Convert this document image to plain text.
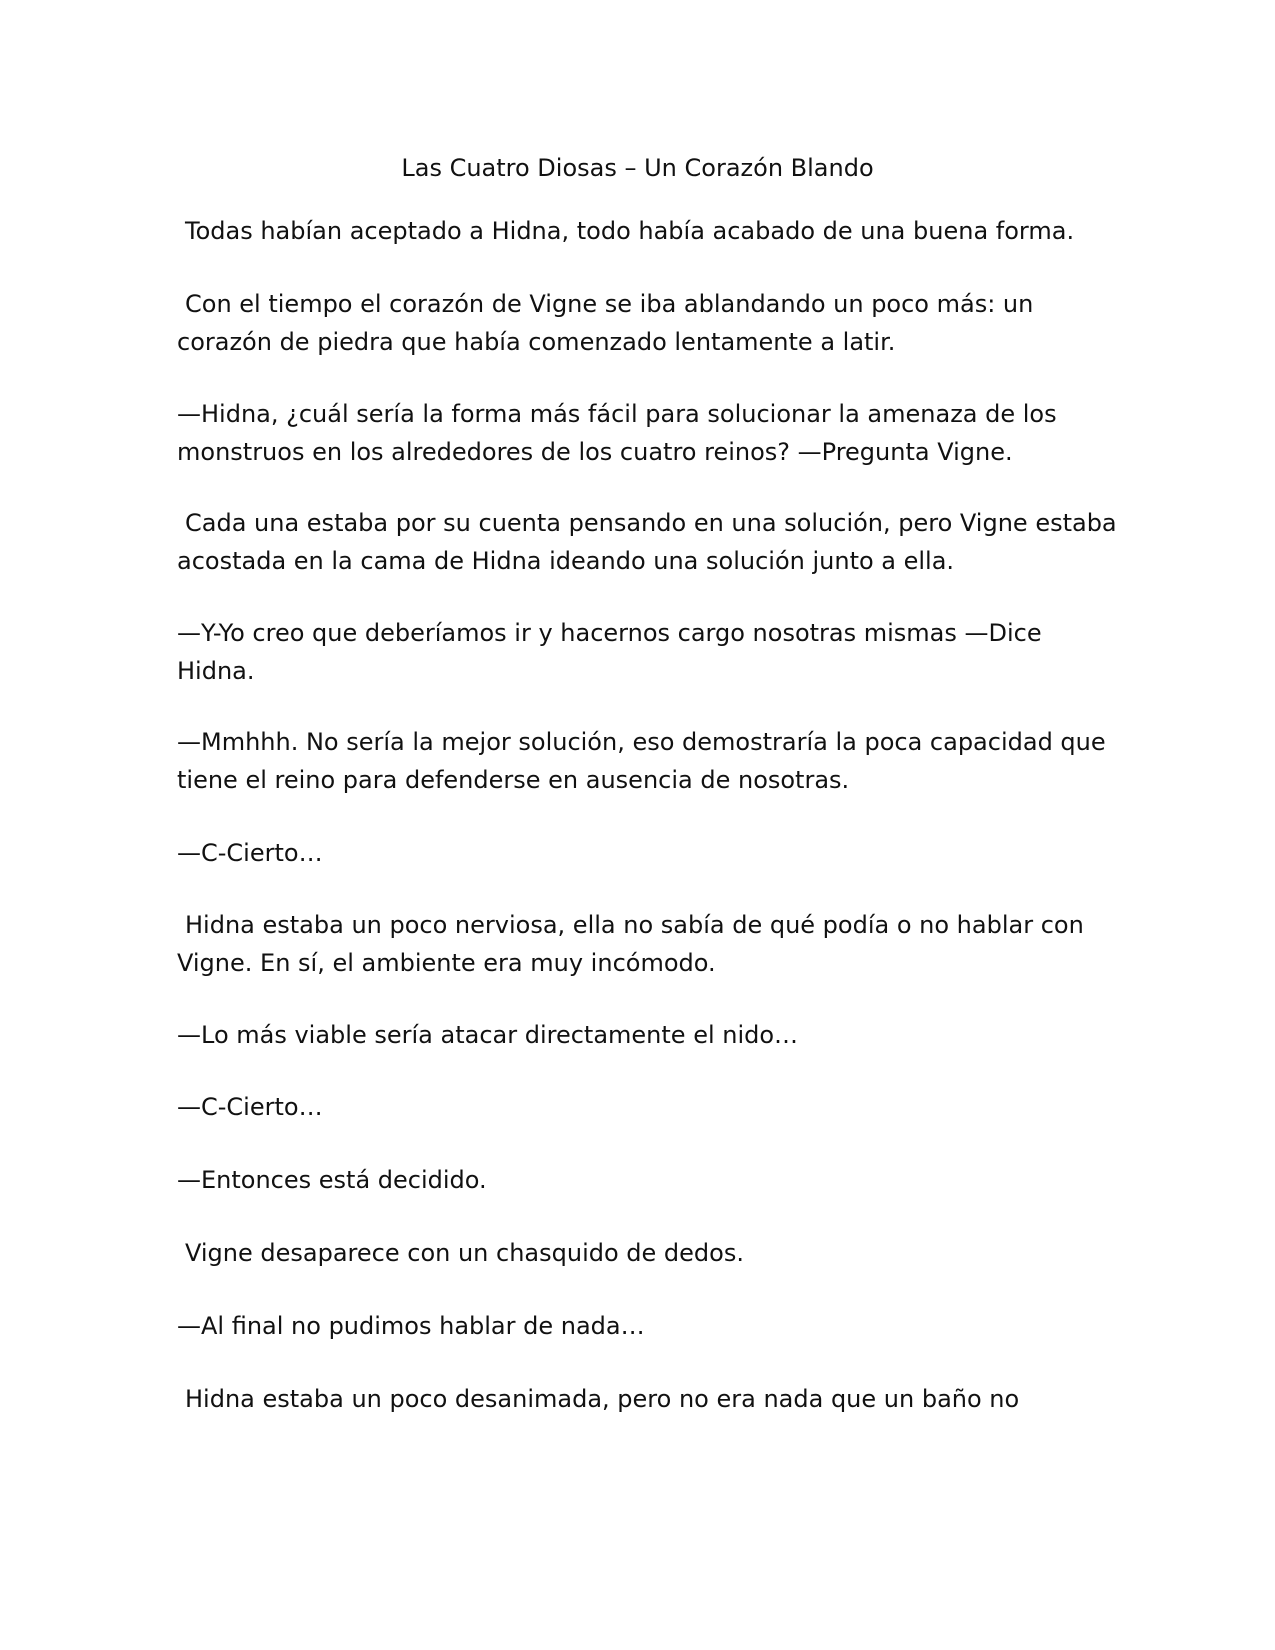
Las Cuatro Diosas – Un Corazón Blando

Todas habían aceptado a Hidna, todo había acabado de una buena forma.

Con el tiempo el corazón de Vigne se iba ablandando un poco más: un
corazón de piedra que había comenzado lentamente a latir.

—Hidna, ¿cuál sería la forma más fácil para solucionar la amenaza de los
monstruos en los alrededores de los cuatro reinos? —Pregunta Vigne.

Cada una estaba por su cuenta pensando en una solución, pero Vigne estaba
acostada en la cama de Hidna ideando una solución junto a ella.

—Y-Yo creo que deberíamos ir y hacernos cargo nosotras mismas —Dice
Hidna.

—Mmhhh. No sería la mejor solución, eso demostraría la poca capacidad que
tiene el reino para defenderse en ausencia de nosotras.

—C-Cierto…

Hidna estaba un poco nerviosa, ella no sabía de qué podía o no hablar con
Vigne. En sí, el ambiente era muy incómodo.

—Lo más viable sería atacar directamente el nido…

—C-Cierto…

—Entonces está decidido.

Vigne desaparece con un chasquido de dedos.

—Al final no pudimos hablar de nada…

Hidna estaba un poco desanimada, pero no era nada que un baño no
